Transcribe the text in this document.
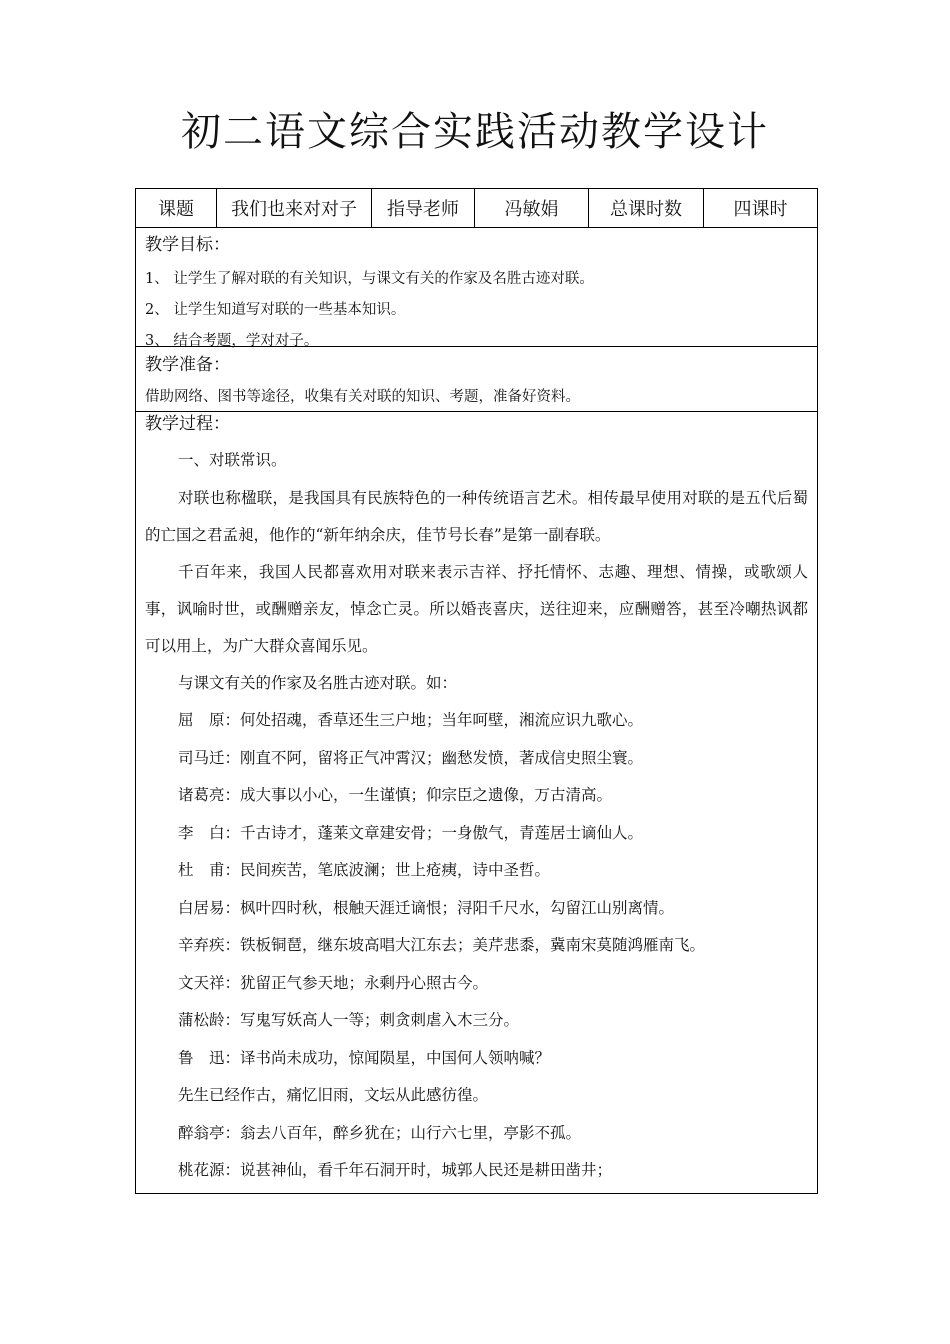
初二语文综合实践活动教学设计
课题	我们也来对对子	指导老师	冯敏娟	总课时数	四课时
教学目标：
1、 让学生了解对联的有关知识，与课文有关的作家及名胜古迹对联。
2、 让学生知道写对联的一些基本知识。
3、 结合考题，学对对子。
教学准备：
借助网络、图书等途径，收集有关对联的知识、考题，准备好资料。
教学过程：
一、对联常识。
对联也称楹联，是我国具有民族特色的一种传统语言艺术。相传最早使用对联的是五代后蜀的亡国之君孟昶，他作的“新年纳余庆，佳节号长春”是第一副春联。
千百年来，我国人民都喜欢用对联来表示吉祥、抒托情怀、志趣、理想、情操，或歌颂人事，讽喻时世，或酬赠亲友，悼念亡灵。所以婚丧喜庆，送往迎来，应酬赠答，甚至冷嘲热讽都可以用上，为广大群众喜闻乐见。
与课文有关的作家及名胜古迹对联。如：
屈　原：何处招魂，香草还生三户地；当年呵壁，湘流应识九歌心。
司马迁：刚直不阿，留将正气冲霄汉；幽愁发愤，著成信史照尘寰。
诸葛亮：成大事以小心，一生谨慎；仰宗臣之遗像，万古清高。
李　白：千古诗才，蓬莱文章建安骨；一身傲气，青莲居士谪仙人。
杜　甫：民间疾苦，笔底波澜；世上疮痍，诗中圣哲。
白居易：枫叶四时秋，根触天涯迁谪恨；浔阳千尺水，勾留江山别离情。
辛弃疾：铁板铜琶，继东坡高唱大江东去；美芹悲黍，冀南宋莫随鸿雁南飞。
文天祥：犹留正气参天地；永剩丹心照古今。
蒲松龄：写鬼写妖高人一等；刺贪刺虐入木三分。
鲁　迅：译书尚未成功，惊闻陨星，中国何人领呐喊？
先生已经作古，痛忆旧雨，文坛从此感彷徨。
醉翁亭：翁去八百年，醉乡犹在；山行六七里，亭影不孤。
桃花源：说甚神仙，看千年石洞开时，城郭人民还是耕田凿井；
